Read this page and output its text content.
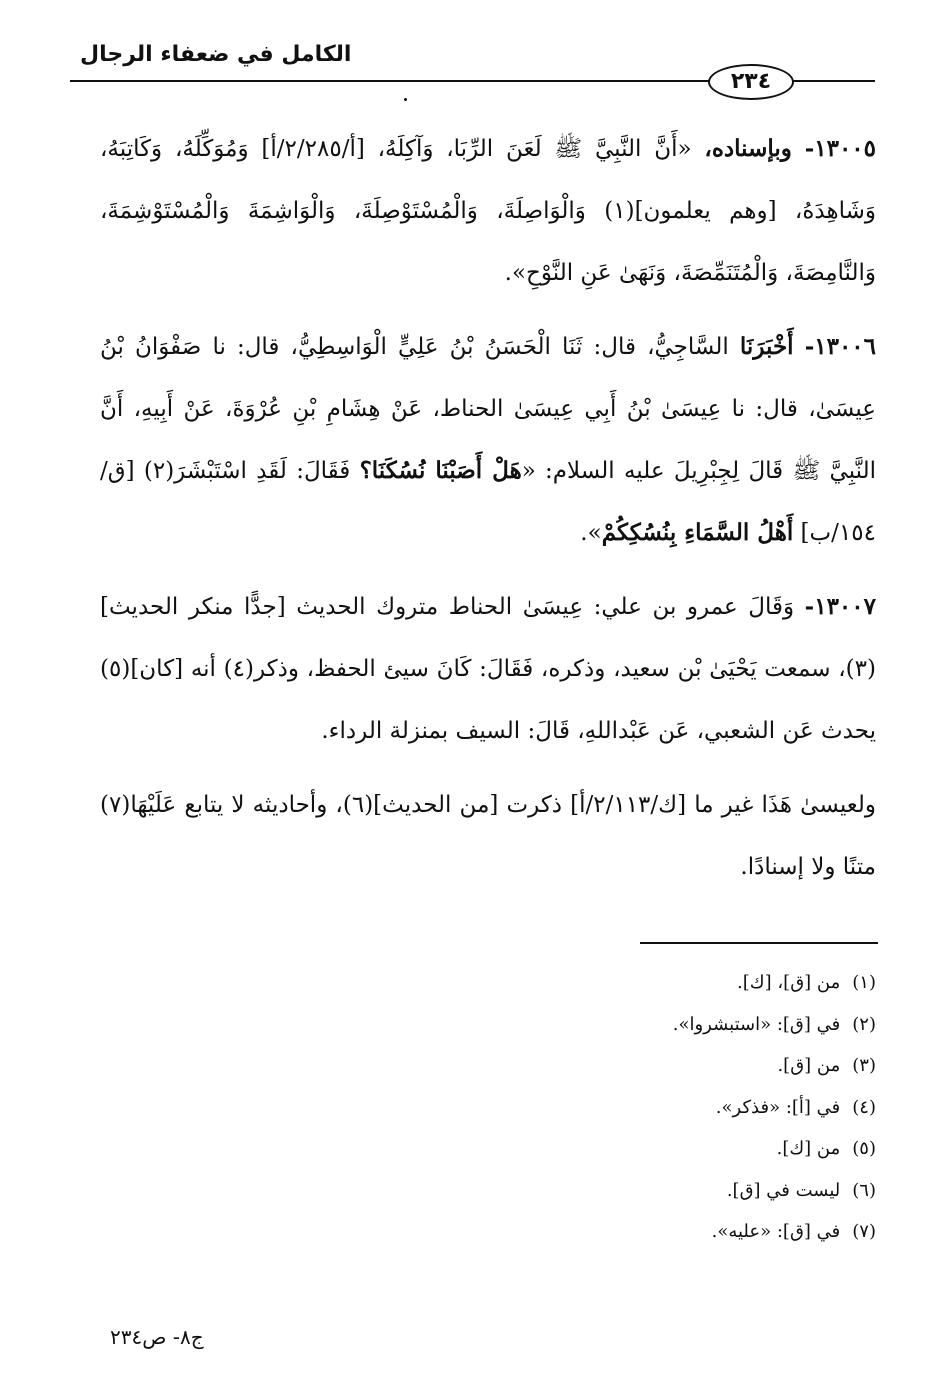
الكامل في ضعفاء الرجال
٢٣٤

١٣٠٠٥- وبإسناده، «أَنَّ النَّبِيَّ ﷺ لَعَنَ الرِّبَا، وَآكِلَهُ، [أ/٢/٢٨٥/أ] وَمُوَكِّلَهُ، وَكَاتِبَهُ، وَشَاهِدَهُ، [وهم يعلمون](١) وَالْوَاصِلَةَ، وَالْمُسْتَوْصِلَةَ، وَالْوَاشِمَةَ وَالْمُسْتَوْشِمَةَ، وَالنَّامِصَةَ، وَالْمُتَنَمِّصَةَ، وَنَهَىٰ عَنِ النَّوْحِ».

١٣٠٠٦- أَخْبَرَنَا السَّاجِيُّ، قال: ثَنَا الْحَسَنُ بْنُ عَلِيٍّ الْوَاسِطِيُّ، قال: نا صَفْوَانُ بْنُ عِيسَىٰ، قال: نا عِيسَىٰ بْنُ أَبِي عِيسَىٰ الحناط، عَنْ هِشَامِ بْنِ عُرْوَةَ، عَنْ أَبِيهِ، أَنَّ النَّبِيَّ ﷺ قَالَ لِجِبْرِيلَ عليه السلام: «هَلْ أَصَبْنَا نُسُكَنَا؟ فَقَالَ: لَقَدِ اسْتَبْشَرَ(٢) [ق/١٥٤/ب] أَهْلُ السَّمَاءِ بِنُسُكِكُمْ».

١٣٠٠٧- وَقَالَ عمرو بن علي: عِيسَىٰ الحناط متروك الحديث [جدًّا منكر الحديث](٣)، سمعت يَحْيَىٰ بْن سعيد، وذكره، فَقَالَ: كَانَ سيئ الحفظ، وذكر(٤) أنه [كان](٥) يحدث عَن الشعبي، عَن عَبْداللهِ، قَالَ: السيف بمنزلة الرداء.

ولعيسىٰ هَذَا غير ما [ك/٢/١١٣/أ] ذكرت [من الحديث](٦)، وأحاديثه لا يتابع عَلَيْهَا(٧) متنًا ولا إسنادًا.

(١)من [ق]، [ك].
(٢)في [ق]: «استبشروا».
(٣)من [ق].
(٤)في [أ]: «فذكر».
(٥)من [ك].
(٦)ليست في [ق].
(٧)في [ق]: «عليه».
ج٨- ص٢٣٤
